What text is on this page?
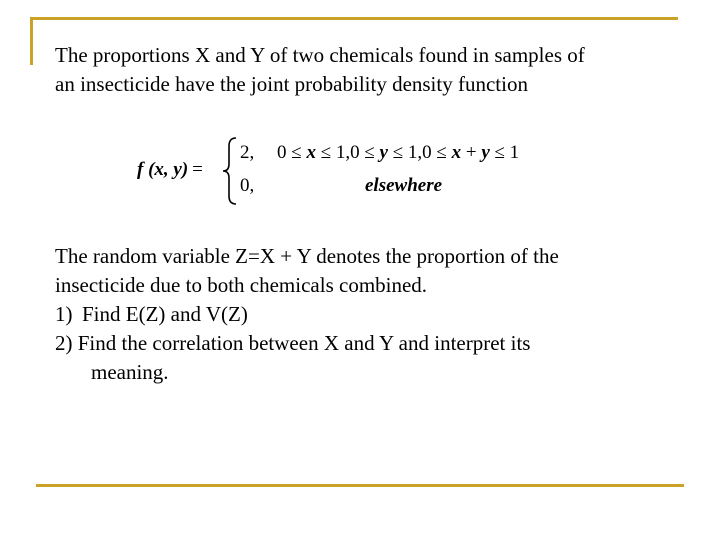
The proportions X and Y of two chemicals found in samples of
an insecticide have the joint probability density function

f (x, y) =
2, 0 ≤ x ≤ 1,0 ≤ y ≤ 1,0 ≤ x + y ≤ 1
0,	elsewhere

The random variable Z=X + Y denotes the proportion of the
insecticide due to both chemicals combined.
1) Find E(Z) and V(Z)
2) Find the correlation between X and Y and interpret its
meaning.
